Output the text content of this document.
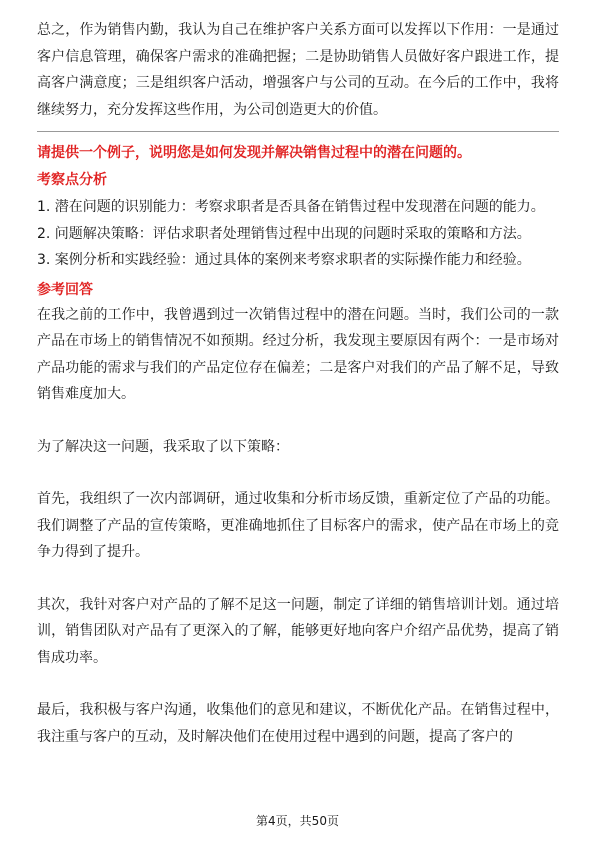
总之，作为销售内勤，我认为自己在维护客户关系方面可以发挥以下作用：一是通过客户信息管理，确保客户需求的准确把握；二是协助销售人员做好客户跟进工作，提高客户满意度；三是组织客户活动，增强客户与公司的互动。在今后的工作中，我将继续努力，充分发挥这些作用，为公司创造更大的价值。

请提供一个例子，说明您是如何发现并解决销售过程中的潜在问题的。

考察点分析

1. 潜在问题的识别能力：考察求职者是否具备在销售过程中发现潜在问题的能力。

2. 问题解决策略：评估求职者处理销售过程中出现的问题时采取的策略和方法。

3. 案例分析和实践经验：通过具体的案例来考察求职者的实际操作能力和经验。

参考回答

在我之前的工作中，我曾遇到过一次销售过程中的潜在问题。当时，我们公司的一款产品在市场上的销售情况不如预期。经过分析，我发现主要原因有两个：一是市场对产品功能的需求与我们的产品定位存在偏差；二是客户对我们的产品了解不足，导致销售难度加大。

为了解决这一问题，我采取了以下策略：

首先，我组织了一次内部调研，通过收集和分析市场反馈，重新定位了产品的功能。我们调整了产品的宣传策略，更准确地抓住了目标客户的需求，使产品在市场上的竞争力得到了提升。

其次，我针对客户对产品的了解不足这一问题，制定了详细的销售培训计划。通过培训，销售团队对产品有了更深入的了解，能够更好地向客户介绍产品优势，提高了销售成功率。

最后，我积极与客户沟通，收集他们的意见和建议，不断优化产品。在销售过程中，我注重与客户的互动，及时解决他们在使用过程中遇到的问题，提高了客户的

第4页，共50页
